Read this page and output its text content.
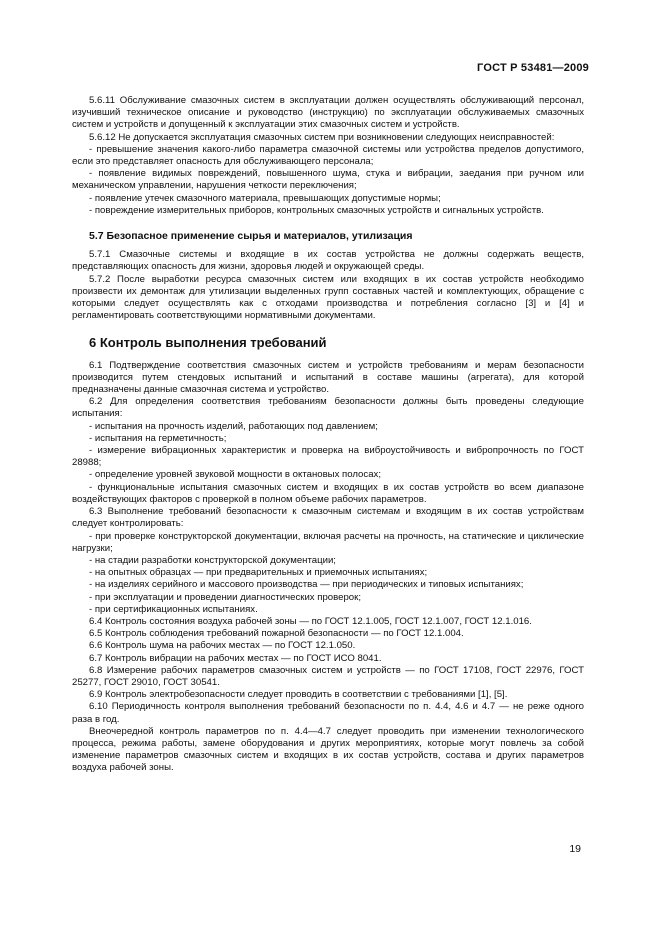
ГОСТ Р 53481—2009

5.6.11 Обслуживание смазочных систем в эксплуатации должен осуществлять обслуживающий персонал, изучивший техническое описание и руководство (инструкцию) по эксплуатации обслуживаемых смазочных систем и устройств и допущенный к эксплуатации этих смазочных систем и устройств.

5.6.12 Не допускается эксплуатация смазочных систем при возникновении следующих неисправностей:

- превышение значения какого-либо параметра смазочной системы или устройства пределов допустимого, если это представляет опасность для обслуживающего персонала;

- появление видимых повреждений, повышенного шума, стука и вибрации, заедания при ручном или механическом управлении, нарушения четкости переключения;

- появление утечек смазочного материала, превышающих допустимые нормы;

- повреждение измерительных приборов, контрольных смазочных устройств и сигнальных устройств.

5.7 Безопасное применение сырья и материалов, утилизация

5.7.1 Смазочные системы и входящие в их состав устройства не должны содержать веществ, представляющих опасность для жизни, здоровья людей и окружающей среды.

5.7.2 После выработки ресурса смазочных систем или входящих в их состав устройств необходимо произвести их демонтаж для утилизации выделенных групп составных частей и комплектующих, обращение с которыми следует осуществлять как с отходами производства и потребления согласно [3] и [4] и регламентировать соответствующими нормативными документами.

6 Контроль выполнения требований

6.1 Подтверждение соответствия смазочных систем и устройств требованиям и мерам безопасности производится путем стендовых испытаний и испытаний в составе машины (агрегата), для которой предназначены данные смазочная система и устройство.

6.2 Для определения соответствия требованиям безопасности должны быть проведены следующие испытания:

- испытания на прочность изделий, работающих под давлением;

- испытания на герметичность;

- измерение вибрационных характеристик и проверка на виброустойчивость и вибропрочность по ГОСТ 28988;

- определение уровней звуковой мощности в октановых полосах;

- функциональные испытания смазочных систем и входящих в их состав устройств во всем диапазоне воздействующих факторов с проверкой в полном объеме рабочих параметров.

6.3 Выполнение требований безопасности к смазочным системам и входящим в их состав устройствам следует контролировать:

- при проверке конструкторской документации, включая расчеты на прочность, на статические и циклические нагрузки;

- на стадии разработки конструкторской документации;

- на опытных образцах — при предварительных и приемочных испытаниях;

- на изделиях серийного и массового производства — при периодических и типовых испытаниях;

- при эксплуатации и проведении диагностических проверок;

- при сертификационных испытаниях.

6.4 Контроль состояния воздуха рабочей зоны — по ГОСТ 12.1.005, ГОСТ 12.1.007, ГОСТ 12.1.016.

6.5 Контроль соблюдения требований пожарной безопасности — по ГОСТ 12.1.004.

6.6 Контроль шума на рабочих местах — по ГОСТ 12.1.050.

6.7 Контроль вибрации на рабочих местах — по ГОСТ ИСО 8041.

6.8 Измерение рабочих параметров смазочных систем и устройств — по ГОСТ 17108, ГОСТ 22976, ГОСТ 25277, ГОСТ 29010, ГОСТ 30541.

6.9 Контроль электробезопасности следует проводить в соответствии с требованиями [1], [5].

6.10 Периодичность контроля выполнения требований безопасности по п. 4.4, 4.6 и 4.7 — не реже одного раза в год.

Внеочередной контроль параметров по п. 4.4—4.7 следует проводить при изменении технологического процесса, режима работы, замене оборудования и других мероприятиях, которые могут повлечь за собой изменение параметров смазочных систем и входящих в их состав устройств, состава и других параметров воздуха рабочей зоны.

19
